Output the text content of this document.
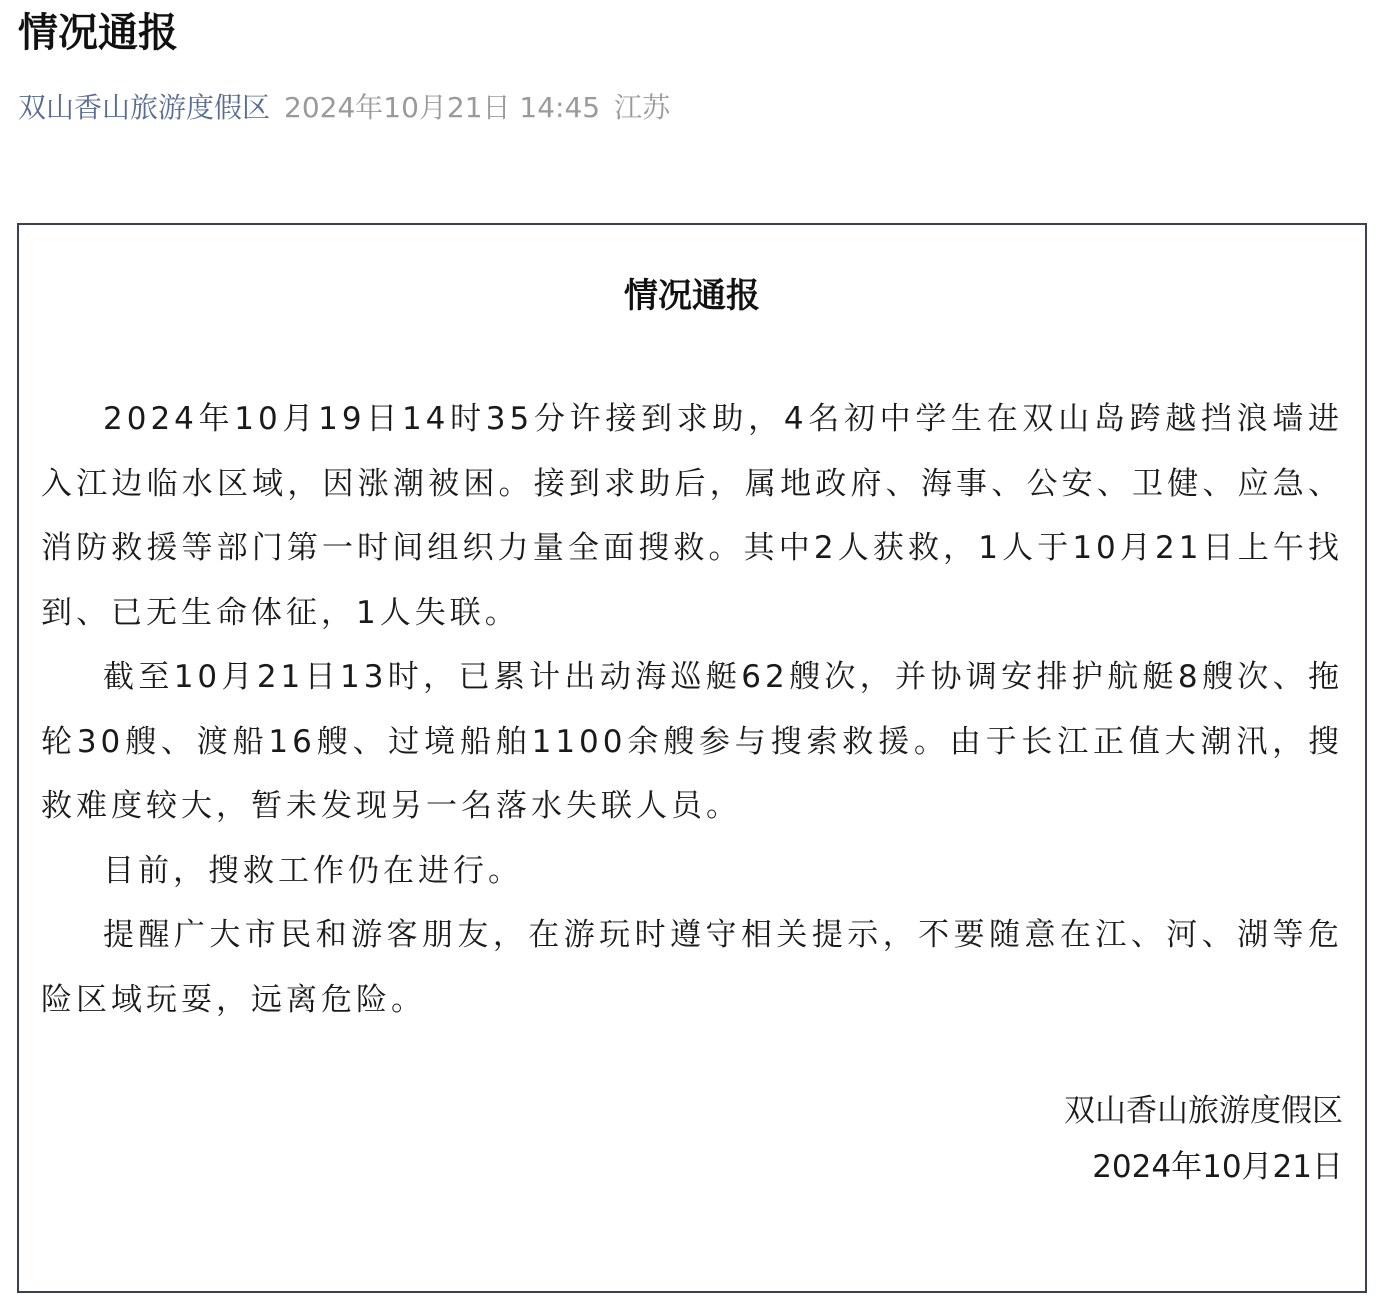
情况通报
双山香山旅游度假区 2024年10月21日 14:45 江苏
情况通报

2024年10月19日14时35分许接到求助，4名初中学生在双山岛跨越挡浪墙进入江边临水区域，因涨潮被困。接到求助后，属地政府、海事、公安、卫健、应急、消防救援等部门第一时间组织力量全面搜救。其中2人获救，1人于10月21日上午找到、已无生命体征，1人失联。

截至10月21日13时，已累计出动海巡艇62艘次，并协调安排护航艇8艘次、拖轮30艘、渡船16艘、过境船舶1100余艘参与搜索救援。由于长江正值大潮汛，搜救难度较大，暂未发现另一名落水失联人员。

目前，搜救工作仍在进行。

提醒广大市民和游客朋友，在游玩时遵守相关提示，不要随意在江、河、湖等危险区域玩耍，远离危险。

双山香山旅游度假区
2024年10月21日
